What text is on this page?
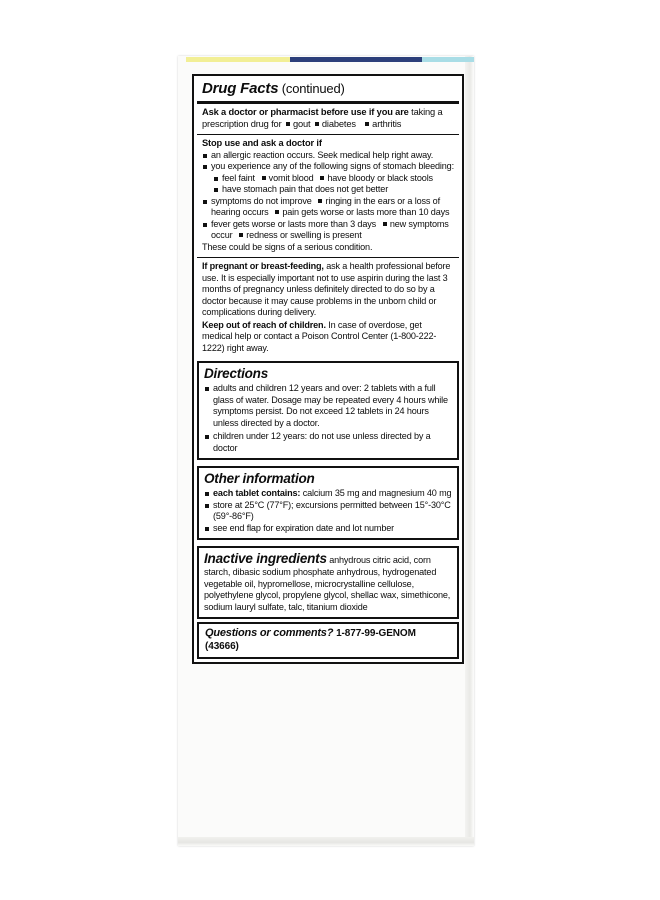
Drug Facts (continued)
Ask a doctor or pharmacist before use if you are taking a prescription drug for gout diabetes arthritis
Stop use and ask a doctor if
an allergic reaction occurs. Seek medical help right away.
you experience any of the following signs of stomach bleeding:
feel faint vomit blood have bloody or black stools
have stomach pain that does not get better
symptoms do not improve ringing in the ears or a loss of hearing occurs pain gets worse or lasts more than 10 days
fever gets worse or lasts more than 3 days new symptoms occur redness or swelling is present
These could be signs of a serious condition.
If pregnant or breast-feeding, ask a health professional before use. It is especially important not to use aspirin during the last 3 months of pregnancy unless definitely directed to do so by a doctor because it may cause problems in the unborn child or complications during delivery.
Keep out of reach of children. In case of overdose, get medical help or contact a Poison Control Center (1-800-222-1222) right away.
Directions
adults and children 12 years and over: 2 tablets with a full glass of water. Dosage may be repeated every 4 hours while symptoms persist. Do not exceed 12 tablets in 24 hours unless directed by a doctor.
children under 12 years: do not use unless directed by a doctor
Other information
each tablet contains: calcium 35 mg and magnesium 40 mg
store at 25°C (77°F); excursions permitted between 15°-30°C (59°-86°F)
see end flap for expiration date and lot number
Inactive ingredients anhydrous citric acid, corn starch, dibasic sodium phosphate anhydrous, hydrogenated vegetable oil, hypromellose, microcrystalline cellulose, polyethylene glycol, propylene glycol, shellac wax, simethicone, sodium lauryl sulfate, talc, titanium dioxide
Questions or comments? 1-877-99-GENOM (43666)
